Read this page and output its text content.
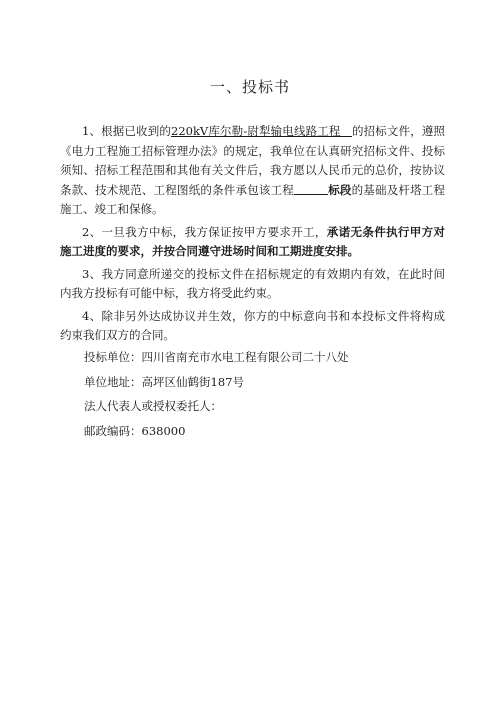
一、投标书

1、根据已收到的220kV库尔勒-尉犁输电线路工程 的招标文件，遵照《电力工程施工招标管理办法》的规定，我单位在认真研究招标文件、投标须知、招标工程范围和其他有关文件后，我方愿以人民币元的总价，按协议条款、技术规范、工程图纸的条件承包该工程	标段的基础及杆塔工程施工、竣工和保修。

2、一旦我方中标，我方保证按甲方要求开工，承诺无条件执行甲方对施工进度的要求，并按合同遵守进场时间和工期进度安排。

3、我方同意所递交的投标文件在招标规定的有效期内有效，在此时间内我方投标有可能中标，我方将受此约束。

4、除非另外达成协议并生效，你方的中标意向书和本投标文件将构成约束我们双方的合同。

投标单位：四川省南充市水电工程有限公司二十八处
单位地址：高坪区仙鹤街187号
法人代表人或授权委托人：
邮政编码：638000
